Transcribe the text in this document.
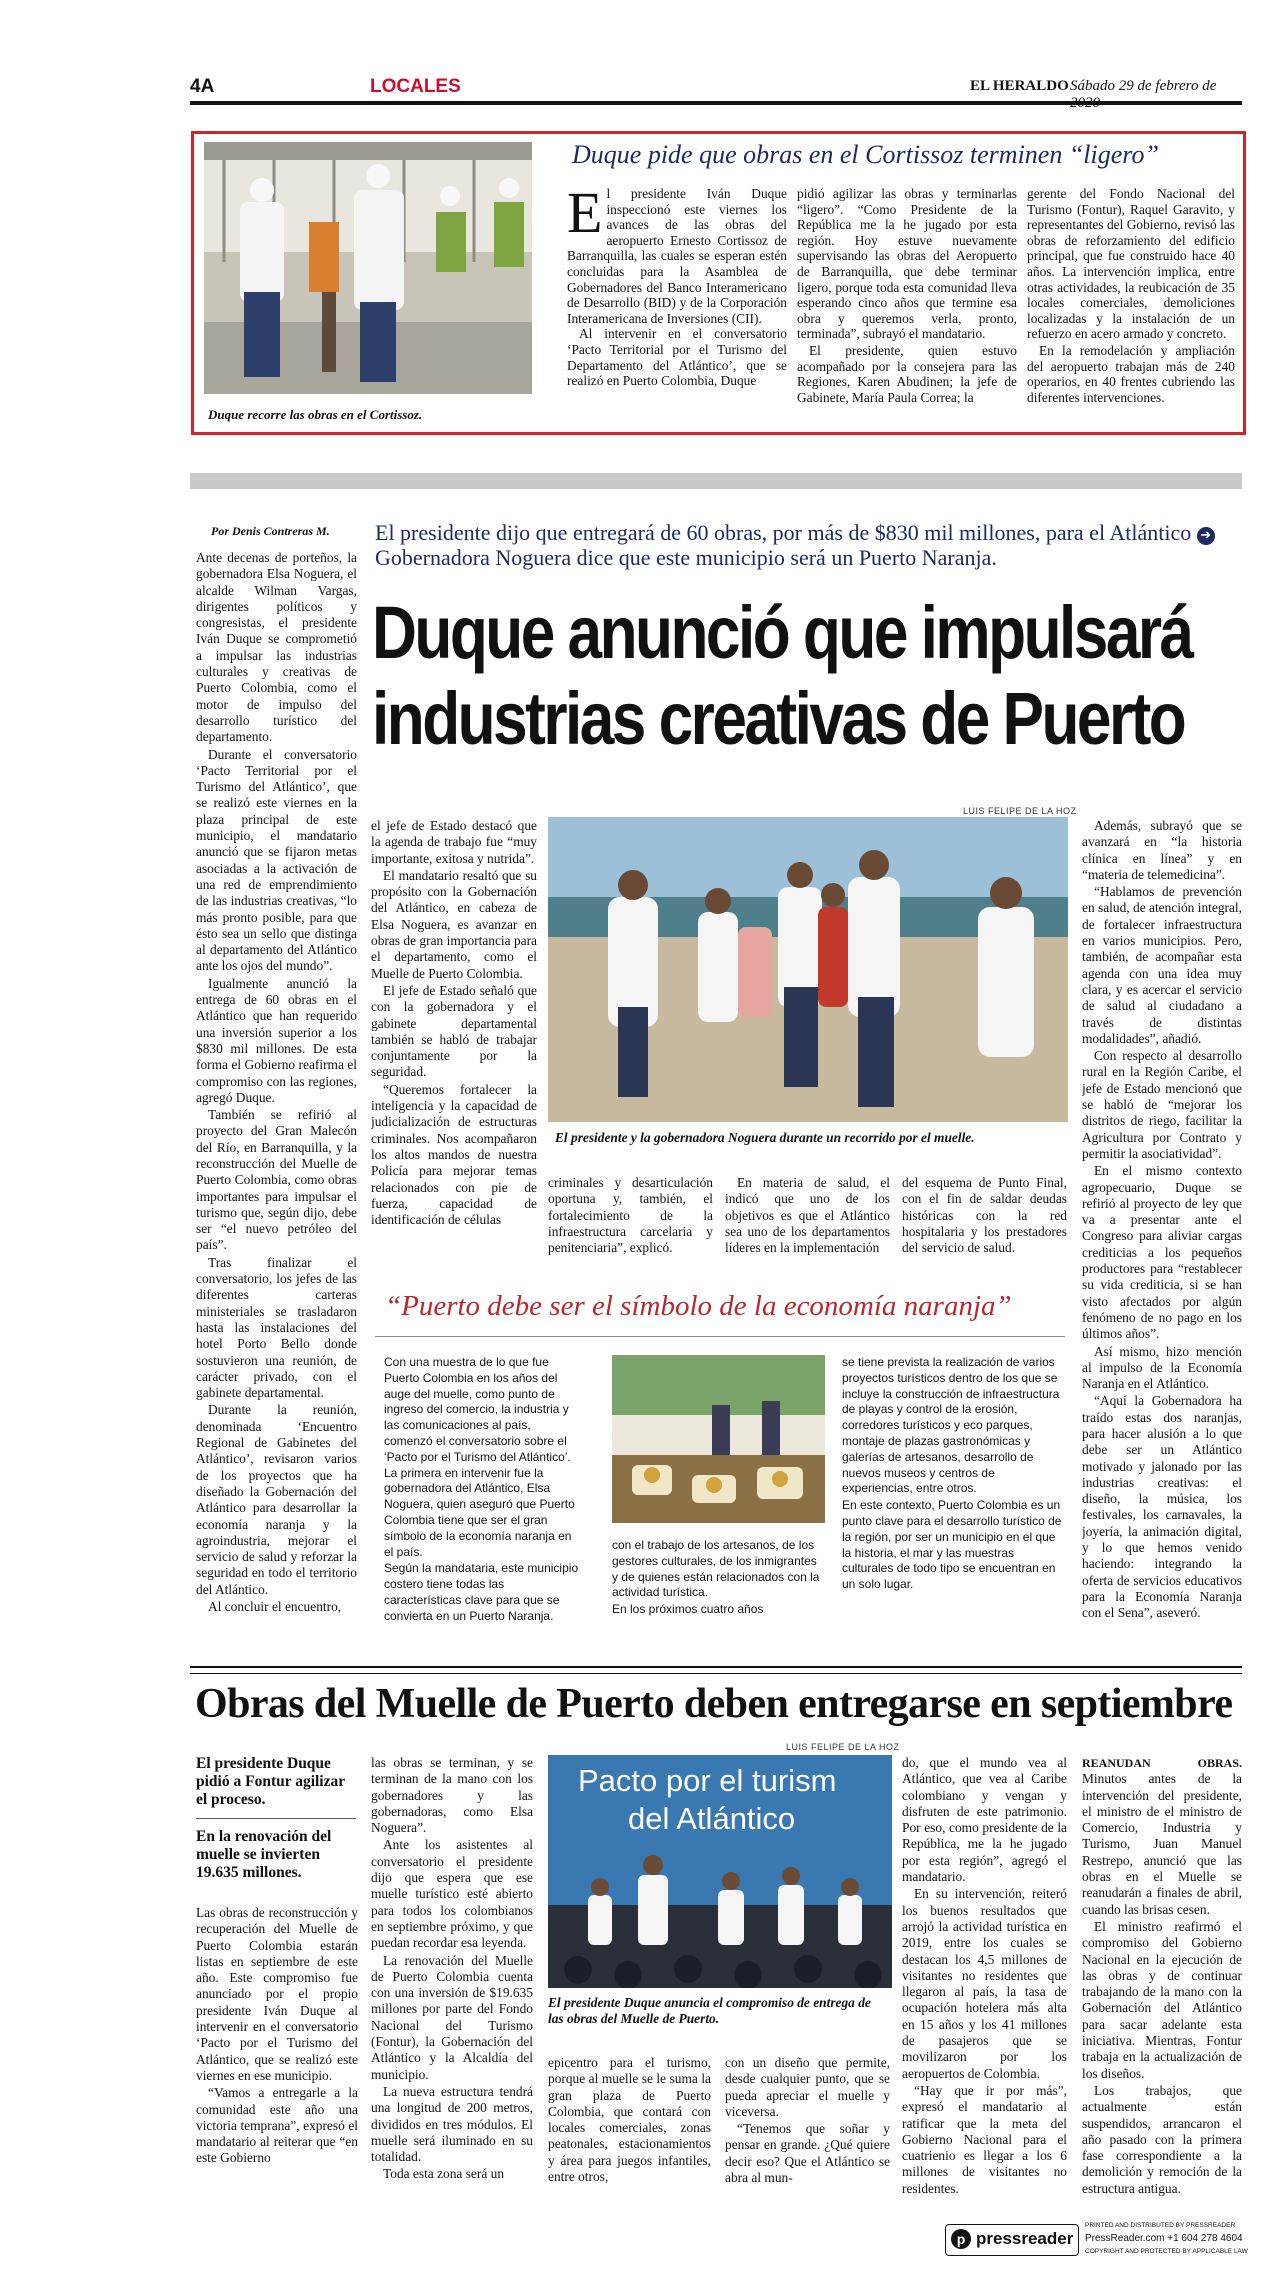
4A	LOCALES	EL HERALDO Sábado 29 de febrero de
Duque recorre las obras en el Cortissoz.
Duque pide que obras en el Cortissoz terminen “ligero”
E l presidente Iván Duque inspeccionó este viernes los avances de las obras del aeropuerto Ernesto Cortissoz de Barranquilla, las cuales se esperan estén concluidas para la Asamblea de Gobernadores del Banco Interamericano de Desarrollo (BID) y de la Corporación Interamericana de Inversiones (CII).

Al intervenir en el conversatorio ‘Pacto Territorial por el Turismo del Departamento del Atlántico’, que se realizó en Puerto Colombia, Duque

pidió agilizar las obras y terminarlas “ligero”. “Como Presidente de la República me la he jugado por esta región. Hoy estuve nuevamente supervisando las obras del Aeropuerto de Barranquilla, que debe terminar ligero, porque toda esta comunidad lleva esperando cinco años que termine esa obra y queremos verla, pronto, terminada”, subrayó el mandatario.

El presidente, quien estuvo acompañado por la consejera para las Regiones, Karen Abudinen; la jefe de Gabinete, María Paula Correa; la

gerente del Fondo Nacional del Turismo (Fontur), Raquel Garavito, y representantes del Gobierno, revisó las obras de reforzamiento del edificio principal, que fue construido hace 40 años. La intervención implica, entre otras actividades, la reubicación de 35 locales comerciales, demoliciones localizadas y la instalación de un refuerzo en acero armado y concreto.

En la remodelación y ampliación del aeropuerto trabajan más de 240 operarios, en 40 frentes cubriendo las diferentes intervenciones.

Por Denis Contreras M. El presidente dijo que entregará de 60 obras, por más de $830 mil millones, para el Atlántico ➔ Gobernadora Noguera dice que este municipio será un Puerto Naranja.
Duque anunció que impulsará
industrias creativas de Puerto

Ante decenas de porteños, la gobernadora Elsa Noguera, el alcalde Wilman Vargas, dirigentes políticos y congresistas, el presidente Iván Duque se comprometió a impulsar las industrias culturales y creativas de Puerto Colombia, como el motor de impulso del desarrollo turístico del departamento.

Durante el conversatorio ‘Pacto Territorial por el Turismo del Atlántico’, que se realizó este viernes en la plaza principal de este municipio, el mandatario anunció que se fijaron metas asociadas a la activación de una red de emprendimiento de las industrias creativas, “lo más pronto posible, para que ésto sea un sello que distinga al departamento del Atlántico ante los ojos del mundo”.

Igualmente anunció la entrega de 60 obras en el Atlántico que han requerido una inversión superior a los $830 mil millones. De esta forma el Gobierno reafirma el compromiso con las regiones, agregó Duque.

También se refirió al proyecto del Gran Malecón del Río, en Barranquilla, y la reconstrucción del Muelle de Puerto Colombia, como obras importantes para impulsar el turismo que, según dijo, debe ser “el nuevo petróleo del país”.

Tras finalizar el conversatorio, los jefes de las diferentes carteras ministeriales se trasladaron hasta las instalaciones del hotel Porto Bello donde sostuvieron una reunión, de carácter privado, con el gabinete departamental.

Durante la reunión, denominada ‘Encuentro Regional de Gabinetes del Atlántico’, revisaron varios de los proyectos que ha diseñado la Gobernación del Atlántico para desarrollar la economía naranja y la agroindustria, mejorar el servicio de salud y reforzar la seguridad en todo el territorio del Atlántico.

Al concluir el encuentro,

LUIS FELIPE DE LA HOZ

el jefe de Estado destacó que la agenda de trabajo fue “muy importante, exitosa y nutrida”.

El mandatario resaltó que su propósito con la Gobernación del Atlántico, en cabeza de Elsa Noguera, es avanzar en obras de gran importancia para el departamento, como el Muelle de Puerto Colombia.

El jefe de Estado señaló que con la gobernadora y el gabinete departamental también se habló de trabajar conjuntamente por la seguridad.

“Queremos fortalecer la inteligencia y la capacidad de judicialización de estructuras criminales. Nos acompañaron los altos mandos de nuestra Policía para mejorar temas relacionados con pie de fuerza, capacidad de identificación de células

El presidente y la gobernadora Noguera durante un recorrido por el muelle.

criminales y desarticulación oportuna y, también, el fortalecimiento de la infraestructura carcelaria y penitenciaria”, explicó.

En materia de salud, el indicó que uno de los objetivos es que el Atlántico sea uno de los departamentos líderes en la implementación

del esquema de Punto Final, con el fin de saldar deudas históricas con la red hospitalaria y los prestadores del servicio de salud.

Además, subrayó que se avanzará en “la historia clínica en línea” y en “materia de telemedicina”.

“Hablamos de prevención en salud, de atención integral, de fortalecer infraestructura en varios municipios. Pero, también, de acompañar esta agenda con una idea muy clara, y es acercar el servicio de salud al ciudadano a través de distintas modalidades”, añadió.

Con respecto al desarrollo rural en la Región Caribe, el jefe de Estado mencionó que se habló de “mejorar los distritos de riego, facilitar la Agricultura por Contrato y permitir la asociatividad”.

En el mismo contexto agropecuario, Duque se refirió al proyecto de ley que va a presentar ante el Congreso para aliviar cargas crediticias a los pequeños productores para “restablecer su vida crediticia, si se han visto afectados por algún fenómeno de no pago en los últimos años”.

Así mismo, hizo mención al impulso de la Economía Naranja en el Atlántico.

“Aquí la Gobernadora ha traído estas dos naranjas, para hacer alusión a lo que debe ser un Atlántico motivado y jalonado por las industrias creativas: el diseño, la música, los festivales, los carnavales, la joyería, la animación digital, y lo que hemos venido haciendo: integrando la oferta de servicios educativos para la Economía Naranja con el Sena”, aseveró.

“Puerto debe ser el símbolo de la economía naranja”

Con una muestra de lo que fue Puerto Colombia en los años del auge del muelle, como punto de ingreso del comercio, la industria y las comunicaciones al país, comenzó el conversatorio sobre el ‘Pacto por el Turismo del Atlántico’. La primera en intervenir fue la gobernadora del Atlántico, Elsa Noguera, quien aseguró que Puerto Colombia tiene que ser el gran símbolo de la economía naranja en el país.

Según la mandataria, este municipio costero tiene todas las características clave para que se convierta en un Puerto Naranja.

con el trabajo de los artesanos, de los gestores culturales, de los inmigrantes y de quienes están relacionados con la actividad turística.

En los próximos cuatro años

se tiene prevista la realización de varios proyectos turísticos dentro de los que se incluye la construcción de infraestructura de playas y control de la erosión, corredores turísticos y eco parques, montaje de plazas gastronómicas y galerías de artesanos, desarrollo de nuevos museos y centros de experiencias, entre otros.

En este contexto, Puerto Colombia es un punto clave para el desarrollo turístico de la región, por ser un municipio en el que la historia, el mar y las muestras culturales de todo tipo se encuentran en un solo lugar.

Obras del Muelle de Puerto deben entregarse en septiembre
El presidente Duque pidió a Fontur agilizar el proceso.
En la renovación del muelle se invierten 19.635 millones.

Las obras de reconstrucción y recuperación del Muelle de Puerto Colombia estarán listas en septiembre de este año. Este compromiso fue anunciado por el propio presidente Iván Duque al intervenir en el conversatorio ‘Pacto por el Turismo del Atlántico, que se realizó este viernes en ese municipio.

“Vamos a entregarle a la comunidad este año una victoria temprana”, expresó el mandatario al reiterar que “en este Gobierno

las obras se terminan, y se terminan de la mano con los gobernadores y las gobernadoras, como Elsa Noguera”.

Ante los asistentes al conversatorio el presidente dijo que espera que ese muelle turístico esté abierto para todos los colombianos en septiembre próximo, y que puedan recordar esa leyenda.

La renovación del Muelle de Puerto Colombia cuenta con una inversión de $19.635 millones por parte del Fondo Nacional del Turismo (Fontur), la Gobernación del Atlántico y la Alcaldía del municipio.

La nueva estructura tendrá una longitud de 200 metros, divididos en tres módulos. El muelle será iluminado en su totalidad.

Toda esta zona será un

LUIS FELIPE DE LA HOZ
Pacto por el turism
del Atlántico
El presidente Duque anuncia el compromiso de entrega de las obras del Muelle de Puerto.

epicentro para el turismo, porque al muelle se le suma la gran plaza de Puerto Colombia, que contará con locales comerciales, zonas peatonales, estacionamientos y área para juegos infantiles, entre otros,

con un diseño que permite, desde cualquier punto, que se pueda apreciar el muelle y viceversa.

“Tenemos que soñar y pensar en grande. ¿Qué quiere decir eso? Que el Atlántico se abra al mun-

do, que el mundo vea al Atlántico, que vea al Caribe colombiano y vengan y disfruten de este patrimonio. Por eso, como presidente de la República, me la he jugado por esta región”, agregó el mandatario.

En su intervención, reiteró los buenos resultados que arrojó la actividad turística en 2019, entre los cuales se destacan los 4,5 millones de visitantes no residentes que llegaron al país, la tasa de ocupación hotelera más alta en 15 años y los 41 millones de pasajeros que se movilizaron por los aeropuertos de Colombia.

“Hay que ir por más”, expresó el mandatario al ratificar que la meta del Gobierno Nacional para el cuatrienio es llegar a los 6 millones de visitantes no residentes.

REANUDAN OBRAS. Minutos antes de la intervención del presidente, el ministro de el ministro de Comercio, Industria y Turismo, Juan Manuel Restrepo, anunció que las obras en el Muelle se reanudarán a finales de abril, cuando las brisas cesen.

El ministro reafirmó el compromiso del Gobierno Nacional en la ejecución de las obras y de continuar trabajando de la mano con la Gobernación del Atlántico para sacar adelante esta iniciativa. Mientras, Fontur trabaja en la actualización de los diseños.

Los trabajos, que actualmente están suspendidos, arrancaron el año pasado con la primera fase correspondiente a la demolición y remoción de la estructura antigua.

p pressreader
PRINTED AND DISTRIBUTED BY PRESSREADER
PressReader.com +1 604 278 4604
COPYRIGHT AND PROTECTED BY APPLICABLE LAW
